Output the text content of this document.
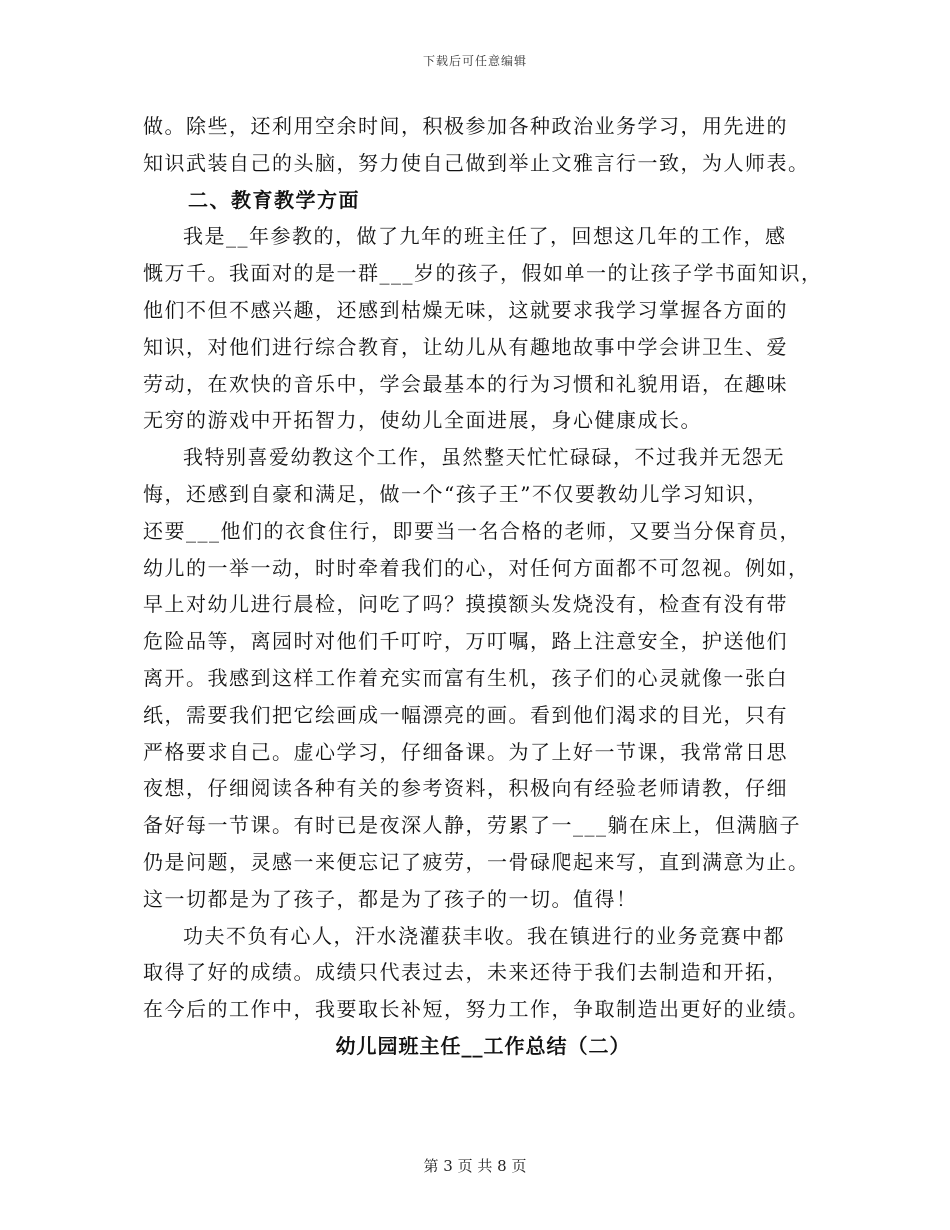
下载后可任意编辑
做。除些，还利用空余时间，积极参加各种政治业务学习，用先进的
知识武装自己的头脑，努力使自己做到举止文雅言行一致，为人师表。
二、教育教学方面
我是__年参教的，做了九年的班主任了，回想这几年的工作，感
慨万千。我面对的是一群___岁的孩子，假如单一的让孩子学书面知识，
他们不但不感兴趣，还感到枯燥无味，这就要求我学习掌握各方面的
知识，对他们进行综合教育，让幼儿从有趣地故事中学会讲卫生、爱
劳动，在欢快的音乐中，学会最基本的行为习惯和礼貌用语，在趣味
无穷的游戏中开拓智力，使幼儿全面进展，身心健康成长。
我特别喜爱幼教这个工作，虽然整天忙忙碌碌，不过我并无怨无
悔，还感到自豪和满足，做一个“孩子王”不仅要教幼儿学习知识，
还要___他们的衣食住行，即要当一名合格的老师，又要当分保育员，
幼儿的一举一动，时时牵着我们的心，对任何方面都不可忽视。例如，
早上对幼儿进行晨检，问吃了吗？摸摸额头发烧没有，检查有没有带
危险品等，离园时对他们千叮咛，万叮嘱，路上注意安全，护送他们
离开。我感到这样工作着充实而富有生机，孩子们的心灵就像一张白
纸，需要我们把它绘画成一幅漂亮的画。看到他们渴求的目光，只有
严格要求自己。虚心学习，仔细备课。为了上好一节课，我常常日思
夜想，仔细阅读各种有关的参考资料，积极向有经验老师请教，仔细
备好每一节课。有时已是夜深人静，劳累了一___躺在床上，但满脑子
仍是问题，灵感一来便忘记了疲劳，一骨碌爬起来写，直到满意为止。
这一切都是为了孩子，都是为了孩子的一切。值得！
功夫不负有心人，汗水浇灌获丰收。我在镇进行的业务竞赛中都
取得了好的成绩。成绩只代表过去，未来还待于我们去制造和开拓，
在今后的工作中，我要取长补短，努力工作，争取制造出更好的业绩。
幼儿园班主任__工作总结（二）
第 3 页 共 8 页
